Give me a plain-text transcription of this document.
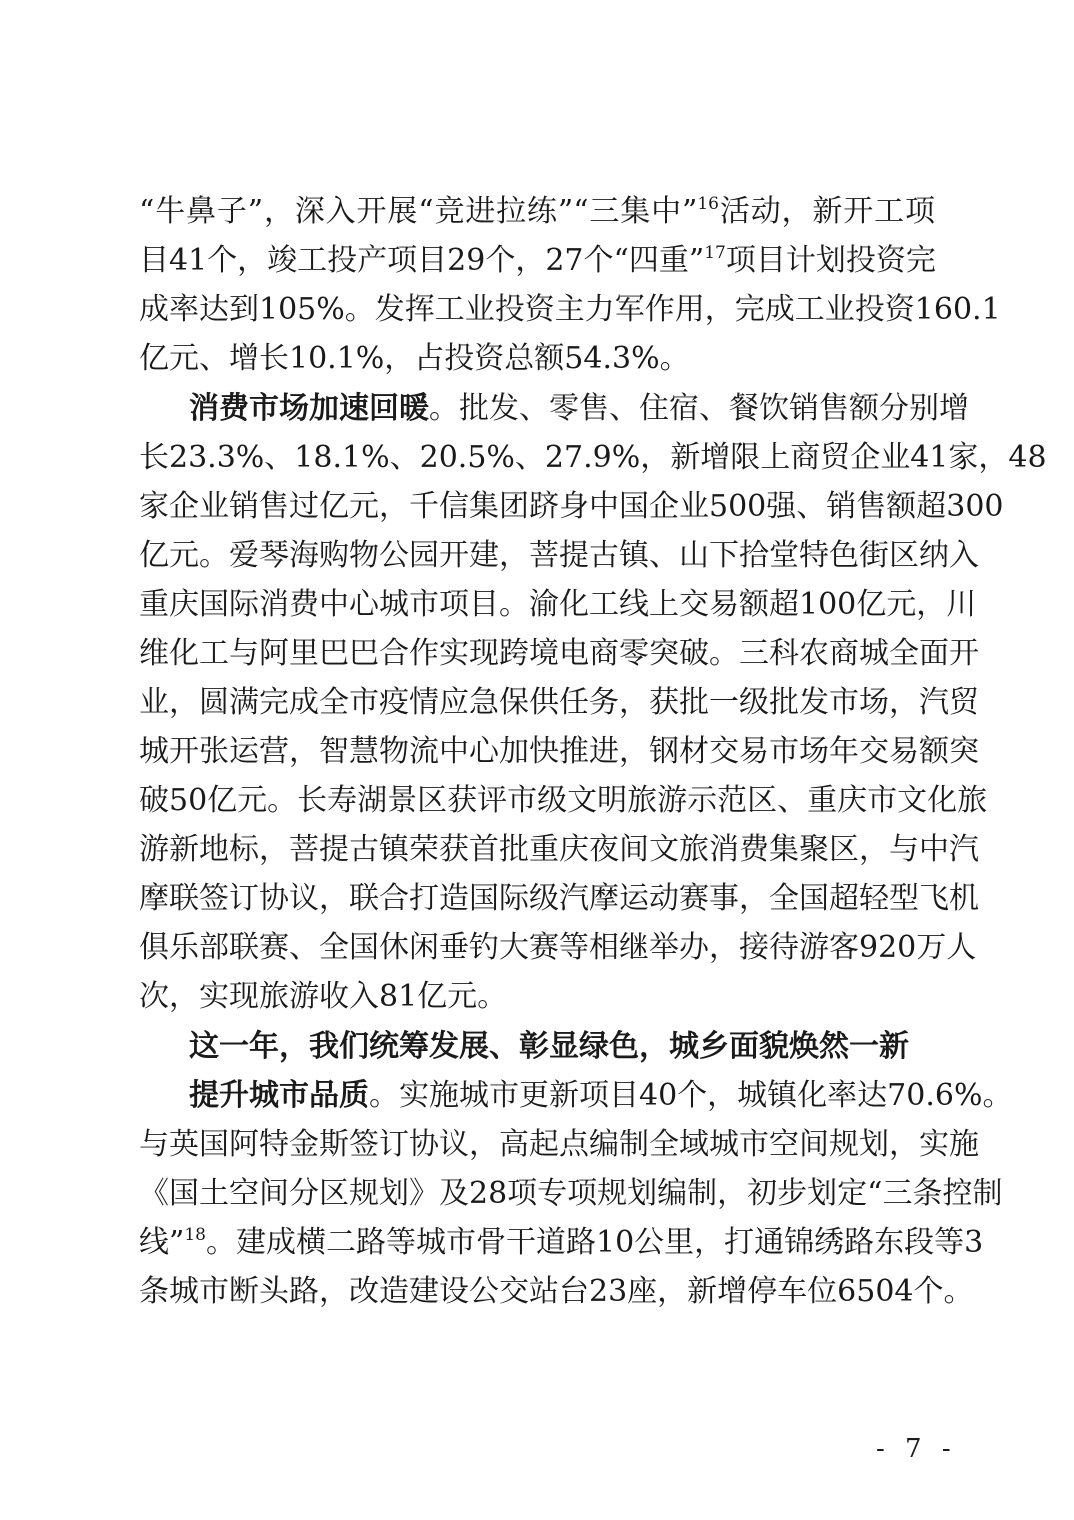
“牛鼻子”，深入开展“竞进拉练”“三集中”$^{16}$活动，新开工项
目41个，竣工投产项目29个，27个“四重”$^{17}$项目计划投资完
成率达到105%。发挥工业投资主力军作用，完成工业投资160.1
亿元、增长10.1%，占投资总额54.3%。
消费市场加速回暖。批发、零售、住宿、餐饮销售额分别增
长23.3%、18.1%、20.5%、27.9%，新增限上商贸企业41家，48
家企业销售过亿元，千信集团跻身中国企业500强、销售额超300
亿元。爱琴海购物公园开建，菩提古镇、山下拾堂特色街区纳入
重庆国际消费中心城市项目。渝化工线上交易额超100亿元，川
维化工与阿里巴巴合作实现跨境电商零突破。三科农商城全面开
业，圆满完成全市疫情应急保供任务，获批一级批发市场，汽贸
城开张运营，智慧物流中心加快推进，钢材交易市场年交易额突
破50亿元。长寿湖景区获评市级文明旅游示范区、重庆市文化旅
游新地标，菩提古镇荣获首批重庆夜间文旅消费集聚区，与中汽
摩联签订协议，联合打造国际级汽摩运动赛事，全国超轻型飞机
俱乐部联赛、全国休闲垂钓大赛等相继举办，接待游客920万人
次，实现旅游收入81亿元。
这一年，我们统筹发展、彰显绿色，城乡面貌焕然一新
提升城市品质。实施城市更新项目40个，城镇化率达70.6%。
与英国阿特金斯签订协议，高起点编制全域城市空间规划，实施
《国土空间分区规划》及28项专项规划编制，初步划定“三条控制
线”$^{18}$。建成横二路等城市骨干道路10公里，打通锦绣路东段等3
条城市断头路，改造建设公交站台23座，新增停车位6504个。
- 7 -
